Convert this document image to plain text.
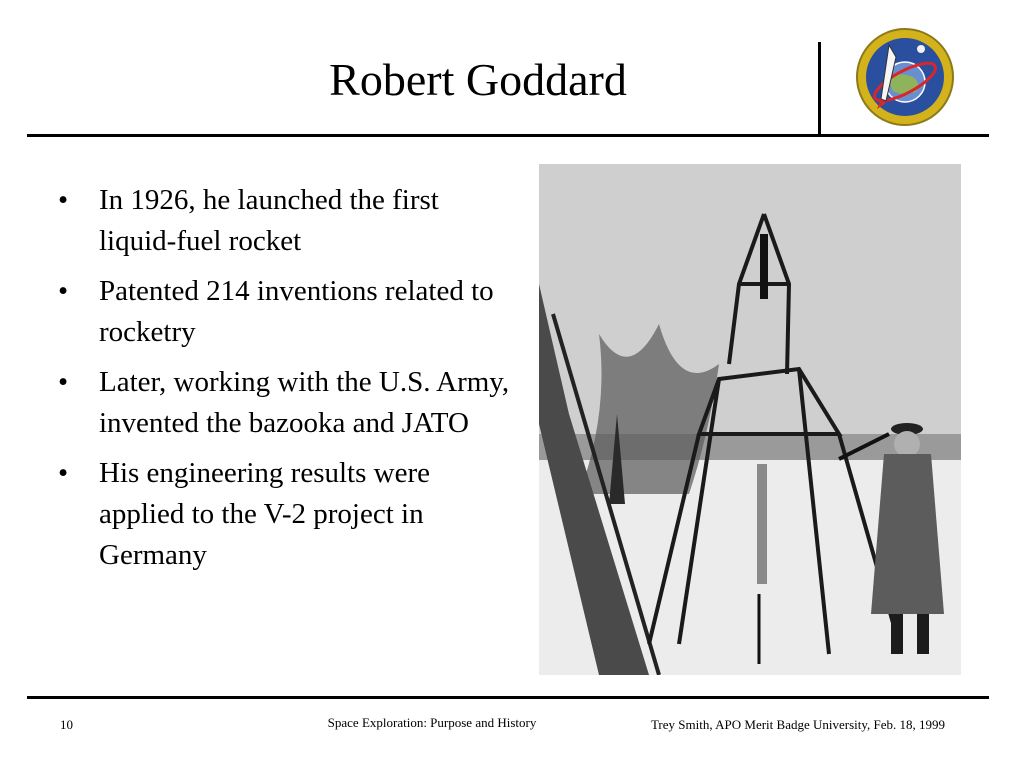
Robert Goddard
•	In 1926, he launched the first liquid-fuel rocket
•	Patented 214 inventions related to rocketry
•	Later, working with the U.S. Army, invented the bazooka and JATO
•	His engineering results were applied to the V-2 project in Germany
10	Space Exploration: Purpose and History	Trey Smith, APO Merit Badge University, Feb. 18, 1999
